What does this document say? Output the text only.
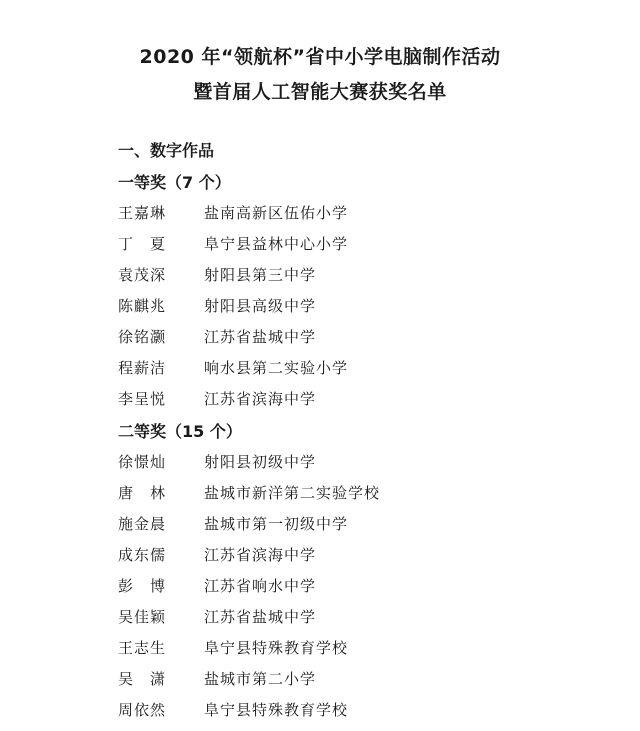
2020 年“领航杯”省中小学电脑制作活动
暨首届人工智能大赛获奖名单
一、数字作品
一等奖（7 个）
王嘉琳	盐南高新区伍佑小学
丁　夏	阜宁县益林中心小学
袁茂深	射阳县第三中学
陈麒兆	射阳县高级中学
徐铭灏	江苏省盐城中学
程薪洁	响水县第二实验小学
李呈悦	江苏省滨海中学
二等奖（15 个）
徐憬灿	射阳县初级中学
唐　林	盐城市新洋第二实验学校
施金晨	盐城市第一初级中学
成东儒	江苏省滨海中学
彭　博	江苏省响水中学
吴佳颖	江苏省盐城中学
王志生	阜宁县特殊教育学校
吴　潇	盐城市第二小学
周依然	阜宁县特殊教育学校
